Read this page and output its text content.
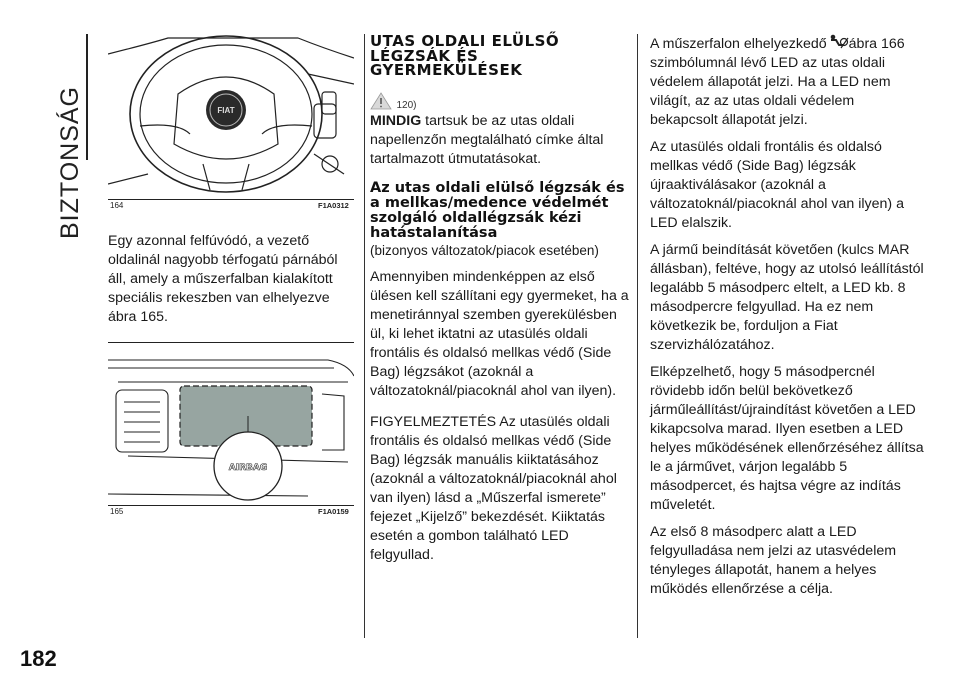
BIZTONSÁG
182
FIAT
164	F1A0312

Egy azonnal felfúvódó, a vezető oldalinál nagyobb térfogatú párnából áll, amely a műszerfalban kialakított speciális rekeszben van elhelyezve ábra 165.

AIRBAG
165	F1A0159
UTAS OLDALI ELÜLSŐ LÉGZSÁK ÉS GYERMEKÜLÉSEK
120)

MINDIG tartsuk be az utas oldali napellenzőn megtalálható címke által tartalmazott útmutatásokat.

Az utas oldali elülső légzsák és a mellkas/medence védelmét szolgáló oldallégzsák kézi hatástalanítása

(bizonyos változatok/piacok esetében)

Amennyiben mindenképpen az első ülésen kell szállítani egy gyermeket, ha a menetiránnyal szemben gyerekülésben ül, ki lehet iktatni az utasülés oldali frontális és oldalsó mellkas védő (Side Bag) légzsákot (azoknál a változatoknál/piacoknál ahol van ilyen).

FIGYELMEZTETÉS Az utasülés oldali frontális és oldalsó mellkas védő (Side Bag) légzsák manuális kiiktatásához (azoknál a változatoknál/piacoknál ahol van ilyen) lásd a „Műszerfal ismerete” fejezet „Kijelző” bekezdését. Kiiktatás esetén a gombon található LED felgyullad.

A műszerfalon elhelyezkedő ábra 166 szimbólumnál lévő LED az utas oldali védelem állapotát jelzi. Ha a LED nem világít, az az utas oldali védelem bekapcsolt állapotát jelzi.

Az utasülés oldali frontális és oldalsó mellkas védő (Side Bag) légzsák újraaktiválásakor (azoknál a változatoknál/piacoknál ahol van ilyen) a LED elalszik.

A jármű beindítását követően (kulcs MAR állásban), feltéve, hogy az utolsó leállítástól legalább 5 másodperc eltelt, a LED kb. 8 másodpercre felgyullad. Ha ez nem következik be, forduljon a Fiat szervizhálózatához.

Elképzelhető, hogy 5 másodpercnél rövidebb időn belül bekövetkező járműleállítást/újraindítást követően a LED kikapcsolva marad. Ilyen esetben a LED helyes működésének ellenőrzéséhez állítsa le a járművet, várjon legalább 5 másodpercet, és hajtsa végre az indítás műveletét.

Az első 8 másodperc alatt a LED felgyulladása nem jelzi az utasvédelem tényleges állapotát, hanem a helyes működés ellenőrzése a célja.
